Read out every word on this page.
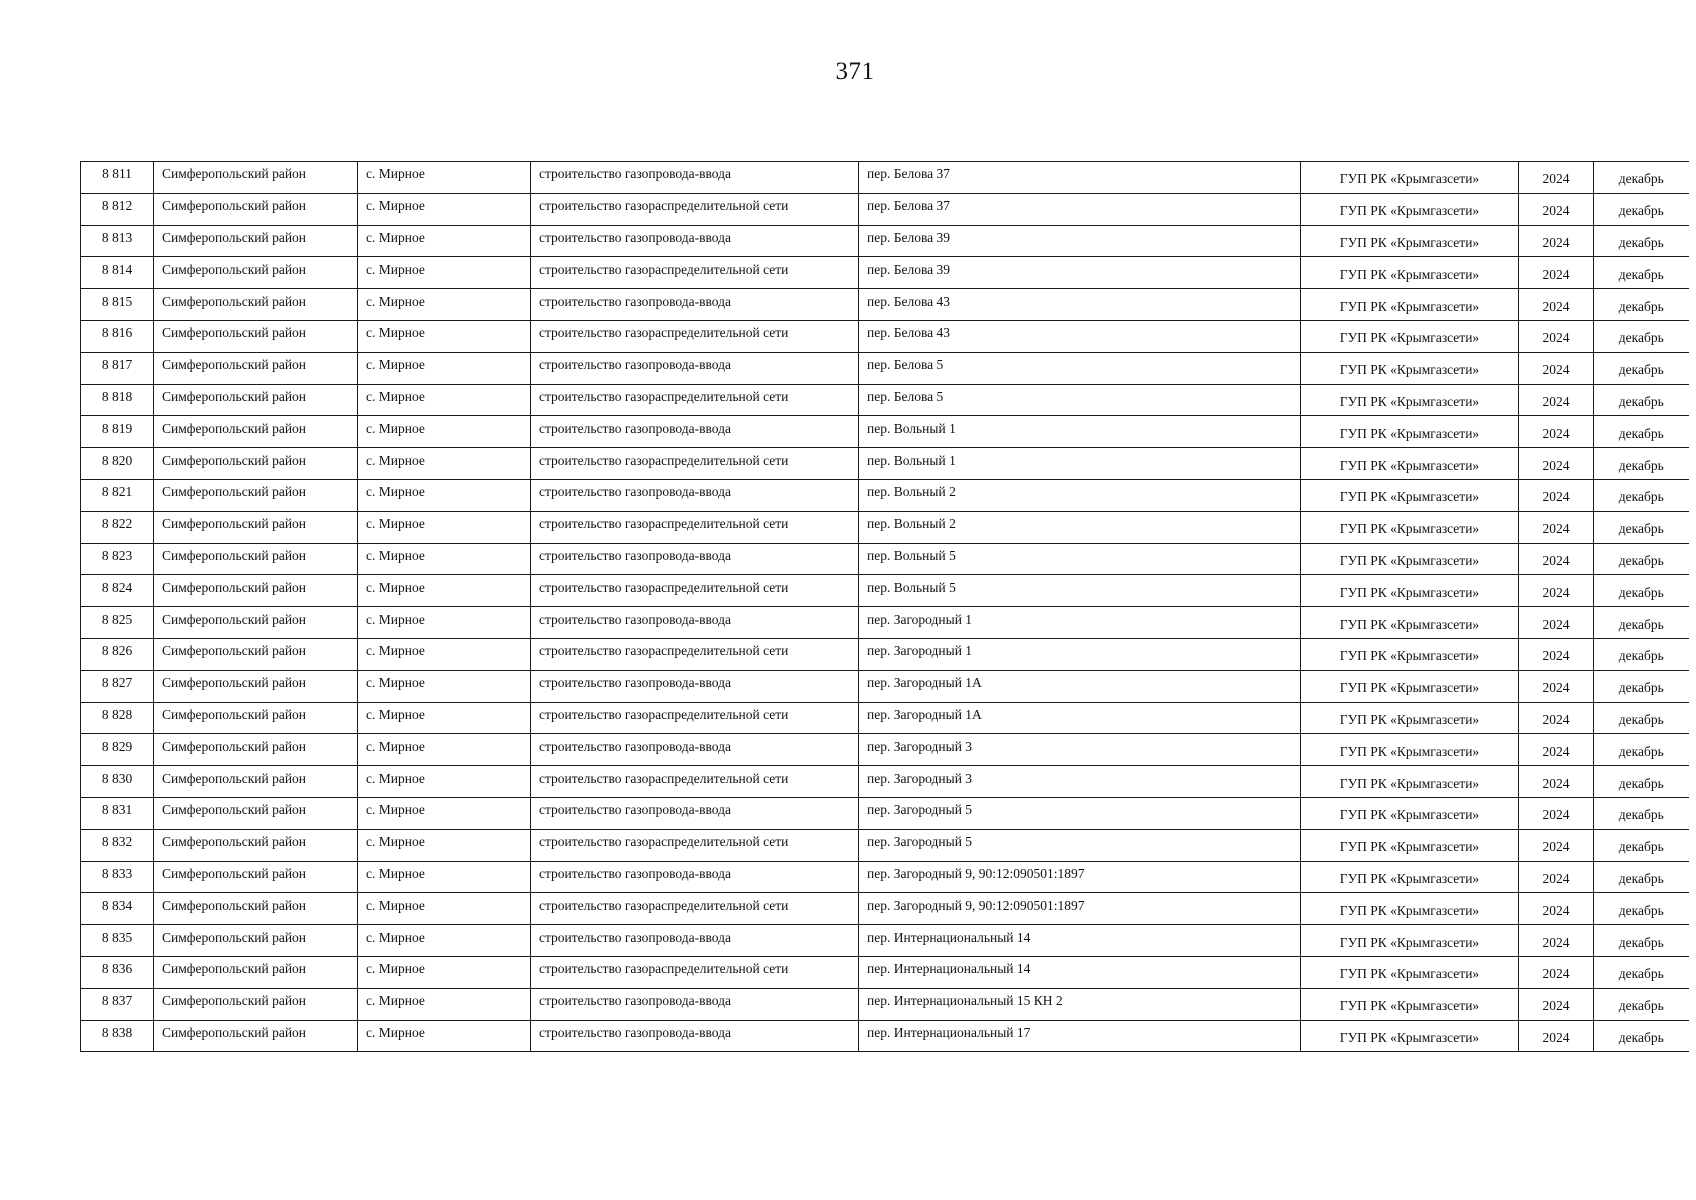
371
8 811	Симферопольский район	с. Мирное	строительство газопровода-ввода	пер. Белова 37	ГУП РК «Крымгазсети»	2024	декабрь
8 812	Симферопольский район	с. Мирное	строительство газораспределительной сети	пер. Белова 37	ГУП РК «Крымгазсети»	2024	декабрь
8 813	Симферопольский район	с. Мирное	строительство газопровода-ввода	пер. Белова 39	ГУП РК «Крымгазсети»	2024	декабрь
8 814	Симферопольский район	с. Мирное	строительство газораспределительной сети	пер. Белова 39	ГУП РК «Крымгазсети»	2024	декабрь
8 815	Симферопольский район	с. Мирное	строительство газопровода-ввода	пер. Белова 43	ГУП РК «Крымгазсети»	2024	декабрь
8 816	Симферопольский район	с. Мирное	строительство газораспределительной сети	пер. Белова 43	ГУП РК «Крымгазсети»	2024	декабрь
8 817	Симферопольский район	с. Мирное	строительство газопровода-ввода	пер. Белова 5	ГУП РК «Крымгазсети»	2024	декабрь
8 818	Симферопольский район	с. Мирное	строительство газораспределительной сети	пер. Белова 5	ГУП РК «Крымгазсети»	2024	декабрь
8 819	Симферопольский район	с. Мирное	строительство газопровода-ввода	пер. Вольный 1	ГУП РК «Крымгазсети»	2024	декабрь
8 820	Симферопольский район	с. Мирное	строительство газораспределительной сети	пер. Вольный 1	ГУП РК «Крымгазсети»	2024	декабрь
8 821	Симферопольский район	с. Мирное	строительство газопровода-ввода	пер. Вольный 2	ГУП РК «Крымгазсети»	2024	декабрь
8 822	Симферопольский район	с. Мирное	строительство газораспределительной сети	пер. Вольный 2	ГУП РК «Крымгазсети»	2024	декабрь
8 823	Симферопольский район	с. Мирное	строительство газопровода-ввода	пер. Вольный 5	ГУП РК «Крымгазсети»	2024	декабрь
8 824	Симферопольский район	с. Мирное	строительство газораспределительной сети	пер. Вольный 5	ГУП РК «Крымгазсети»	2024	декабрь
8 825	Симферопольский район	с. Мирное	строительство газопровода-ввода	пер. Загородный 1	ГУП РК «Крымгазсети»	2024	декабрь
8 826	Симферопольский район	с. Мирное	строительство газораспределительной сети	пер. Загородный 1	ГУП РК «Крымгазсети»	2024	декабрь
8 827	Симферопольский район	с. Мирное	строительство газопровода-ввода	пер. Загородный 1А	ГУП РК «Крымгазсети»	2024	декабрь
8 828	Симферопольский район	с. Мирное	строительство газораспределительной сети	пер. Загородный 1А	ГУП РК «Крымгазсети»	2024	декабрь
8 829	Симферопольский район	с. Мирное	строительство газопровода-ввода	пер. Загородный 3	ГУП РК «Крымгазсети»	2024	декабрь
8 830	Симферопольский район	с. Мирное	строительство газораспределительной сети	пер. Загородный 3	ГУП РК «Крымгазсети»	2024	декабрь
8 831	Симферопольский район	с. Мирное	строительство газопровода-ввода	пер. Загородный 5	ГУП РК «Крымгазсети»	2024	декабрь
8 832	Симферопольский район	с. Мирное	строительство газораспределительной сети	пер. Загородный 5	ГУП РК «Крымгазсети»	2024	декабрь
8 833	Симферопольский район	с. Мирное	строительство газопровода-ввода	пер. Загородный 9, 90:12:090501:1897	ГУП РК «Крымгазсети»	2024	декабрь
8 834	Симферопольский район	с. Мирное	строительство газораспределительной сети	пер. Загородный 9, 90:12:090501:1897	ГУП РК «Крымгазсети»	2024	декабрь
8 835	Симферопольский район	с. Мирное	строительство газопровода-ввода	пер. Интернациональный 14	ГУП РК «Крымгазсети»	2024	декабрь
8 836	Симферопольский район	с. Мирное	строительство газораспределительной сети	пер. Интернациональный 14	ГУП РК «Крымгазсети»	2024	декабрь
8 837	Симферопольский район	с. Мирное	строительство газопровода-ввода	пер. Интернациональный 15 КН 2	ГУП РК «Крымгазсети»	2024	декабрь
8 838	Симферопольский район	с. Мирное	строительство газопровода-ввода	пер. Интернациональный 17	ГУП РК «Крымгазсети»	2024	декабрь
